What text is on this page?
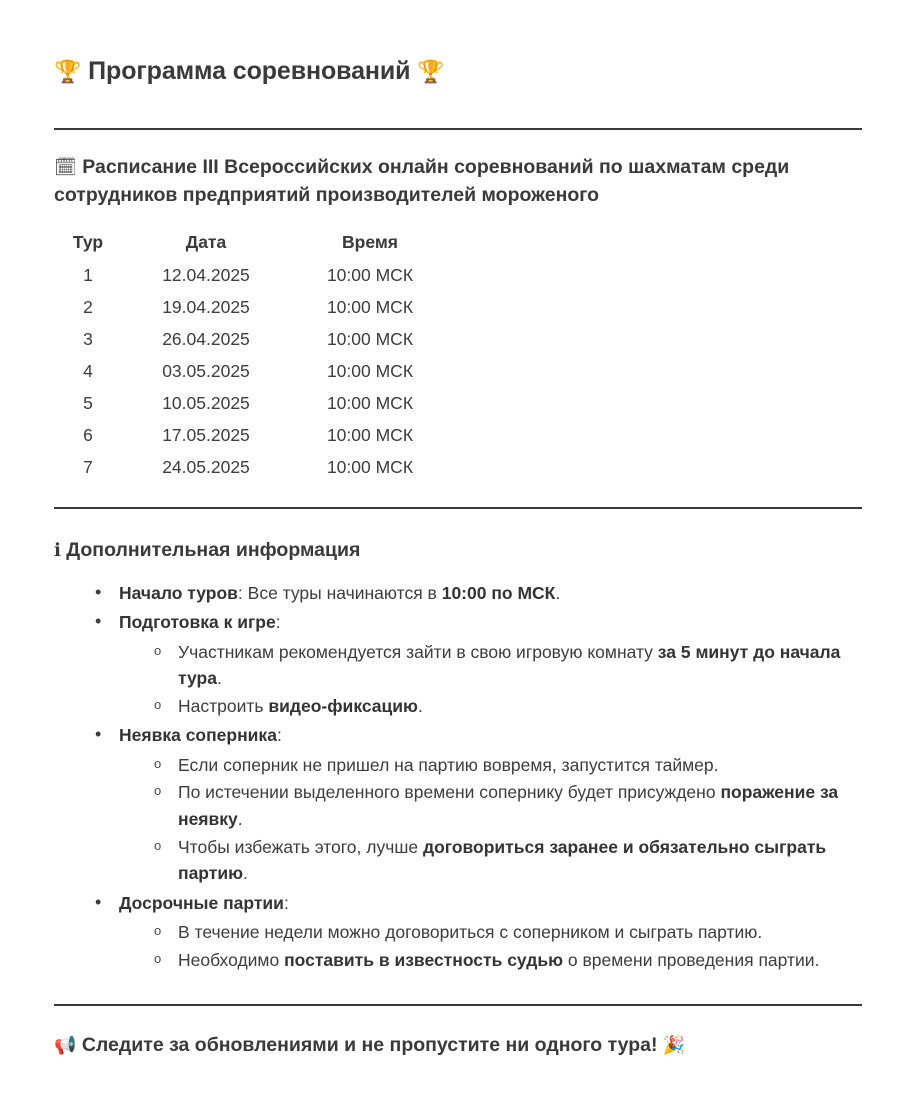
🏆 Программа соревнований 🏆
🗓 Расписание III Всероссийских онлайн соревнований по шахматам среди сотрудников предприятий производителей мороженого
Тур		Дата		Время
1		12.04.2025		10:00 МСК
2		19.04.2025		10:00 МСК
3		26.04.2025		10:00 МСК
4		03.05.2025		10:00 МСК
5		10.05.2025		10:00 МСК
6		17.05.2025		10:00 МСК
7		24.05.2025		10:00 МСК
ℹ Дополнительная информация
• Начало туров: Все туры начинаются в 10:00 по МСК.
• Подготовка к игре:
o Участникам рекомендуется зайти в свою игровую комнату за 5 минут до начала тура.
o Настроить видео-фиксацию.
• Неявка соперника:
o Если соперник не пришел на партию вовремя, запустится таймер.
o По истечении выделенного времени сопернику будет присуждено поражение за неявку.
o Чтобы избежать этого, лучше договориться заранее и обязательно сыграть партию.
• Досрочные партии:
o В течение недели можно договориться с соперником и сыграть партию.
o Необходимо поставить в известность судью о времени проведения партии.

📢 Следите за обновлениями и не пропустите ни одного тура! 🎉
